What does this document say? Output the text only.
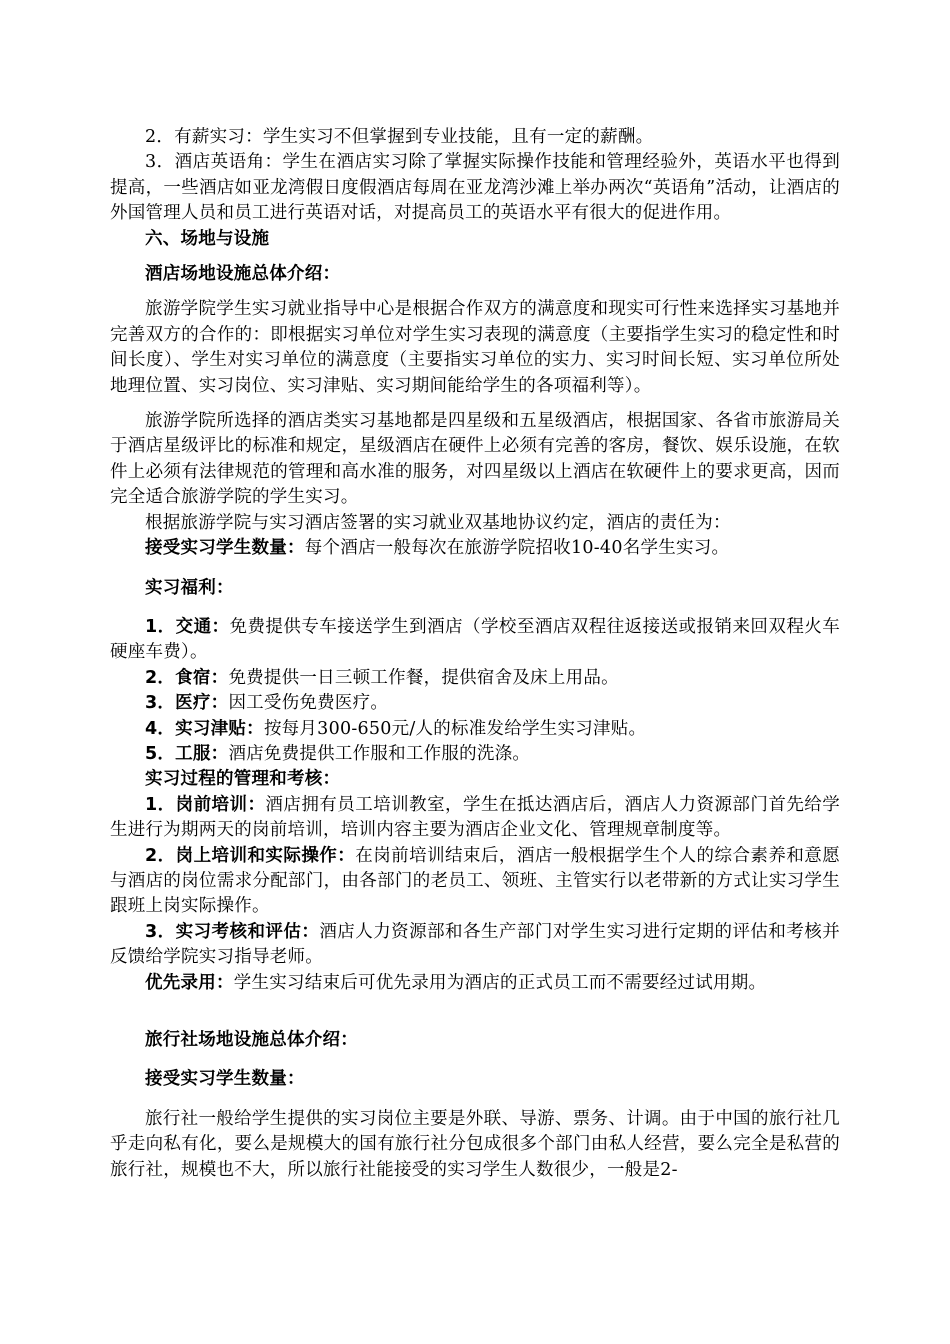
2．有薪实习：学生实习不但掌握到专业技能，且有一定的薪酬。

3．酒店英语角：学生在酒店实习除了掌握实际操作技能和管理经验外，英语水平也得到提高，一些酒店如亚龙湾假日度假酒店每周在亚龙湾沙滩上举办两次“英语角”活动，让酒店的外国管理人员和员工进行英语对话，对提高员工的英语水平有很大的促进作用。

六、场地与设施

酒店场地设施总体介绍：

旅游学院学生实习就业指导中心是根据合作双方的满意度和现实可行性来选择实习基地并完善双方的合作的：即根据实习单位对学生实习表现的满意度（主要指学生实习的稳定性和时间长度）、学生对实习单位的满意度（主要指实习单位的实力、实习时间长短、实习单位所处地理位置、实习岗位、实习津贴、实习期间能给学生的各项福利等）。

旅游学院所选择的酒店类实习基地都是四星级和五星级酒店，根据国家、各省市旅游局关于酒店星级评比的标准和规定，星级酒店在硬件上必须有完善的客房，餐饮、娱乐设施，在软件上必须有法律规范的管理和高水准的服务，对四星级以上酒店在软硬件上的要求更高，因而完全适合旅游学院的学生实习。

根据旅游学院与实习酒店签署的实习就业双基地协议约定，酒店的责任为：

接受实习学生数量：每个酒店一般每次在旅游学院招收10-40名学生实习。

实习福利：

1．交通：免费提供专车接送学生到酒店（学校至酒店双程往返接送或报销来回双程火车硬座车费）。

2．食宿：免费提供一日三顿工作餐，提供宿舍及床上用品。

3．医疗：因工受伤免费医疗。

4．实习津贴：按每月300-650元/人的标准发给学生实习津贴。

5．工服：酒店免费提供工作服和工作服的洗涤。

实习过程的管理和考核：

1．岗前培训：酒店拥有员工培训教室，学生在抵达酒店后，酒店人力资源部门首先给学生进行为期两天的岗前培训，培训内容主要为酒店企业文化、管理规章制度等。

2．岗上培训和实际操作：在岗前培训结束后，酒店一般根据学生个人的综合素养和意愿与酒店的岗位需求分配部门，由各部门的老员工、领班、主管实行以老带新的方式让实习学生跟班上岗实际操作。

3．实习考核和评估：酒店人力资源部和各生产部门对学生实习进行定期的评估和考核并反馈给学院实习指导老师。

优先录用：学生实习结束后可优先录用为酒店的正式员工而不需要经过试用期。

旅行社场地设施总体介绍：

接受实习学生数量：

旅行社一般给学生提供的实习岗位主要是外联、导游、票务、计调。由于中国的旅行社几乎走向私有化，要么是规模大的国有旅行社分包成很多个部门由私人经营，要么完全是私营的旅行社，规模也不大，所以旅行社能接受的实习学生人数很少，一般是2-
